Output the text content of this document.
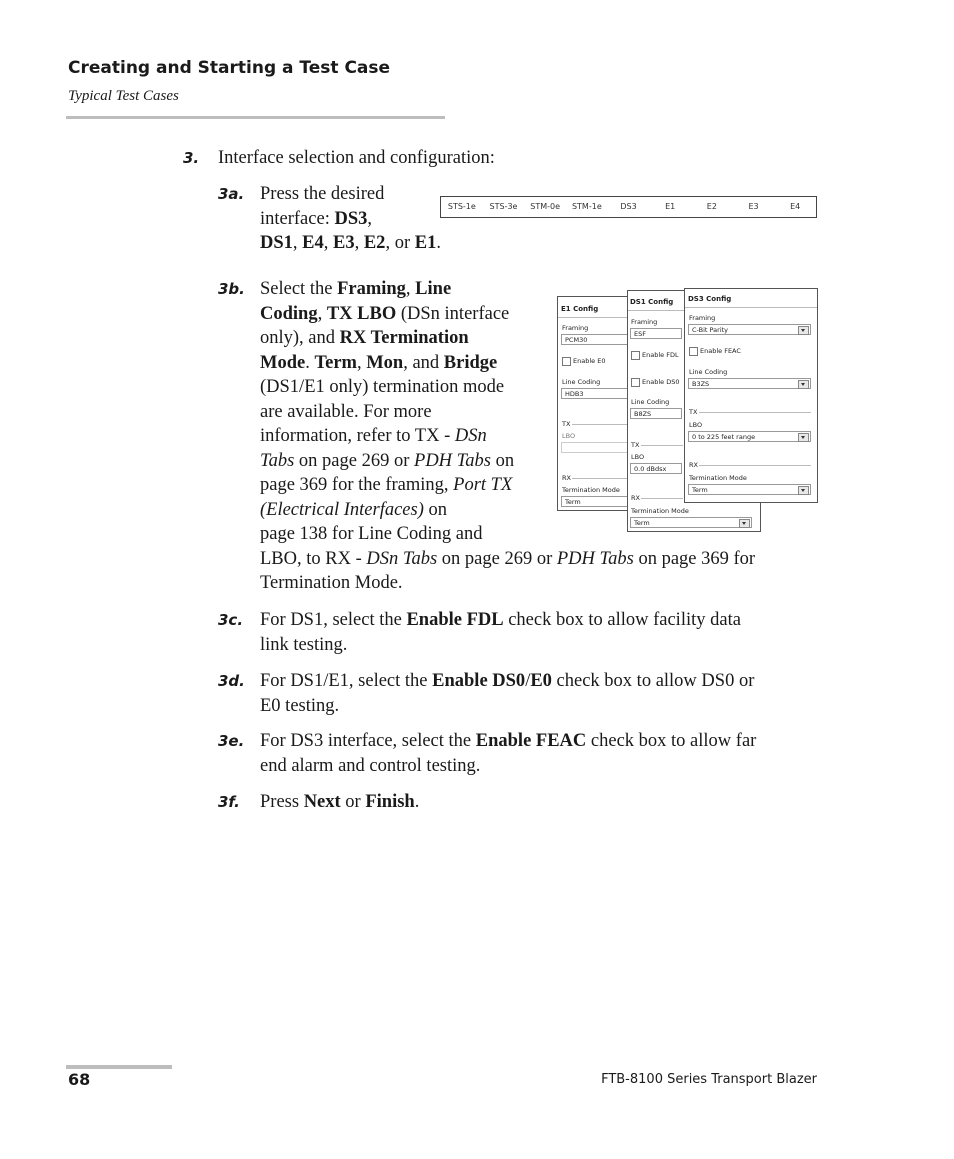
Creating and Starting a Test Case
Typical Test Cases
3. Interface selection and configuration:
3a. Press the desired
interface: DS3,
DS1, E4, E3, E2, or E1.
STS-1e	STS-3e	STM-0e	STM-1e	DS3	E1	E2	E3	E4
3b. Select the Framing, Line
Coding, TX LBO (DSn interface
only), and RX Termination
Mode. Term, Mon, and Bridge
(DS1/E1 only) termination mode
are available. For more
information, refer to TX - DSn
Tabs on page 269 or PDH Tabs on
page 369 for the framing, Port TX
(Electrical Interfaces) on
page 138 for Line Coding and
LBO, to RX - DSn Tabs on page 269 or PDH Tabs on page 369 for
Termination Mode.
E1 Config
Framing
PCM30
Enable E0
Line Coding
HDB3
TX
LBO
RX
Termination Mode
Term
DS1 Config
Framing
ESF
Enable FDL
Enable DS0
Line Coding
B8ZS
TX
LBO
0.0 dBdsx
RX
Termination Mode
Term
DS3 Config
Framing
C-Bit Parity
Enable FEAC
Line Coding
B3ZS
TX
LBO
0 to 225 feet range
RX
Termination Mode
Term
3c. For DS1, select the Enable FDL check box to allow facility data
link testing.
3d. For DS1/E1, select the Enable DS0/E0 check box to allow DS0 or
E0 testing.
3e. For DS3 interface, select the Enable FEAC check box to allow far
end alarm and control testing.
3f. Press Next or Finish.
68	FTB-8100 Series Transport Blazer
